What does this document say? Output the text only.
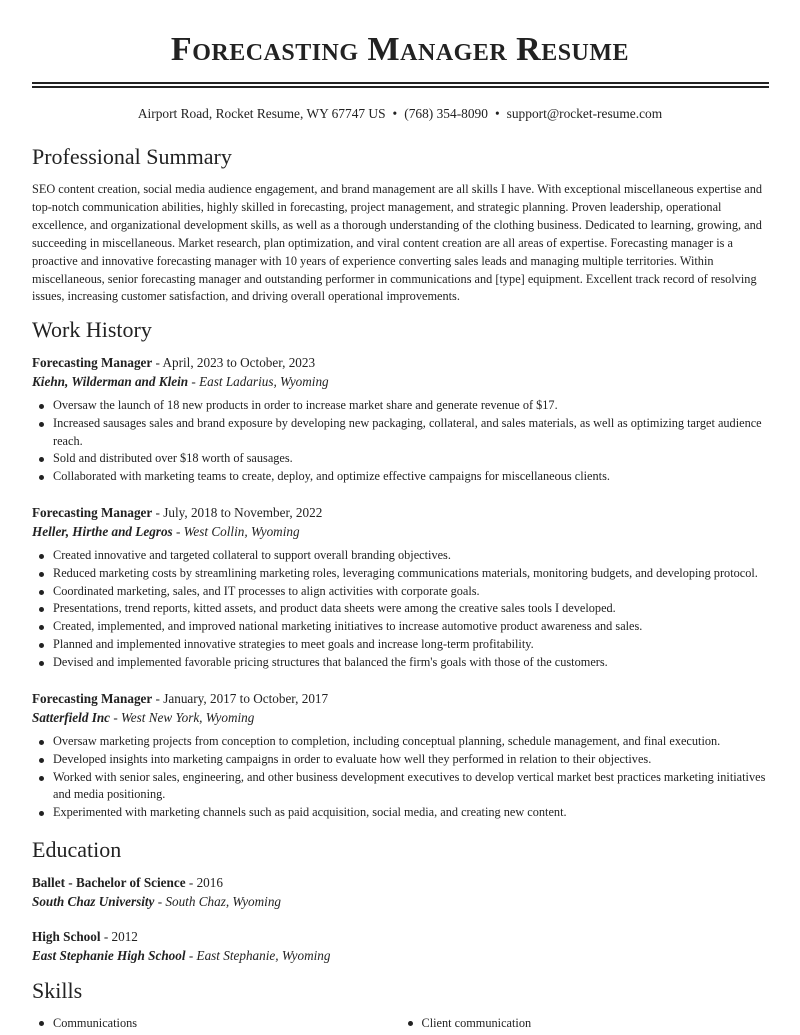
Forecasting Manager Resume
Airport Road, Rocket Resume, WY 67747 US • (768) 354-8090 • support@rocket-resume.com
Professional Summary

SEO content creation, social media audience engagement, and brand management are all skills I have. With exceptional miscellaneous expertise and top-notch communication abilities, highly skilled in forecasting, project management, and strategic planning. Proven leadership, operational excellence, and organizational development skills, as well as a thorough understanding of the clothing business. Dedicated to learning, growing, and succeeding in miscellaneous. Market research, plan optimization, and viral content creation are all areas of expertise. Forecasting manager is a proactive and innovative forecasting manager with 10 years of experience converting sales leads and managing multiple territories. Within miscellaneous, senior forecasting manager and outstanding performer in communications and [type] equipment. Excellent track record of resolving issues, increasing customer satisfaction, and driving overall operational improvements.

Work History
Forecasting Manager - April, 2023 to October, 2023
Kiehn, Wilderman and Klein - East Ladarius, Wyoming
Oversaw the launch of 18 new products in order to increase market share and generate revenue of $17.
Increased sausages sales and brand exposure by developing new packaging, collateral, and sales materials, as well as optimizing target audience reach.
Sold and distributed over $18 worth of sausages.
Collaborated with marketing teams to create, deploy, and optimize effective campaigns for miscellaneous clients.
Forecasting Manager - July, 2018 to November, 2022
Heller, Hirthe and Legros - West Collin, Wyoming
Created innovative and targeted collateral to support overall branding objectives.
Reduced marketing costs by streamlining marketing roles, leveraging communications materials, monitoring budgets, and developing protocol.
Coordinated marketing, sales, and IT processes to align activities with corporate goals.
Presentations, trend reports, kitted assets, and product data sheets were among the creative sales tools I developed.
Created, implemented, and improved national marketing initiatives to increase automotive product awareness and sales.
Planned and implemented innovative strategies to meet goals and increase long-term profitability.
Devised and implemented favorable pricing structures that balanced the firm's goals with those of the customers.
Forecasting Manager - January, 2017 to October, 2017
Satterfield Inc - West New York, Wyoming
Oversaw marketing projects from conception to completion, including conceptual planning, schedule management, and final execution.
Developed insights into marketing campaigns in order to evaluate how well they performed in relation to their objectives.
Worked with senior sales, engineering, and other business development executives to develop vertical market best practices marketing initiatives and media positioning.
Experimented with marketing channels such as paid acquisition, social media, and creating new content.
Education
Ballet - Bachelor of Science - 2016
South Chaz University - South Chaz, Wyoming
High School - 2012
East Stephanie High School - East Stephanie, Wyoming
Skills
Communications	Client communication
